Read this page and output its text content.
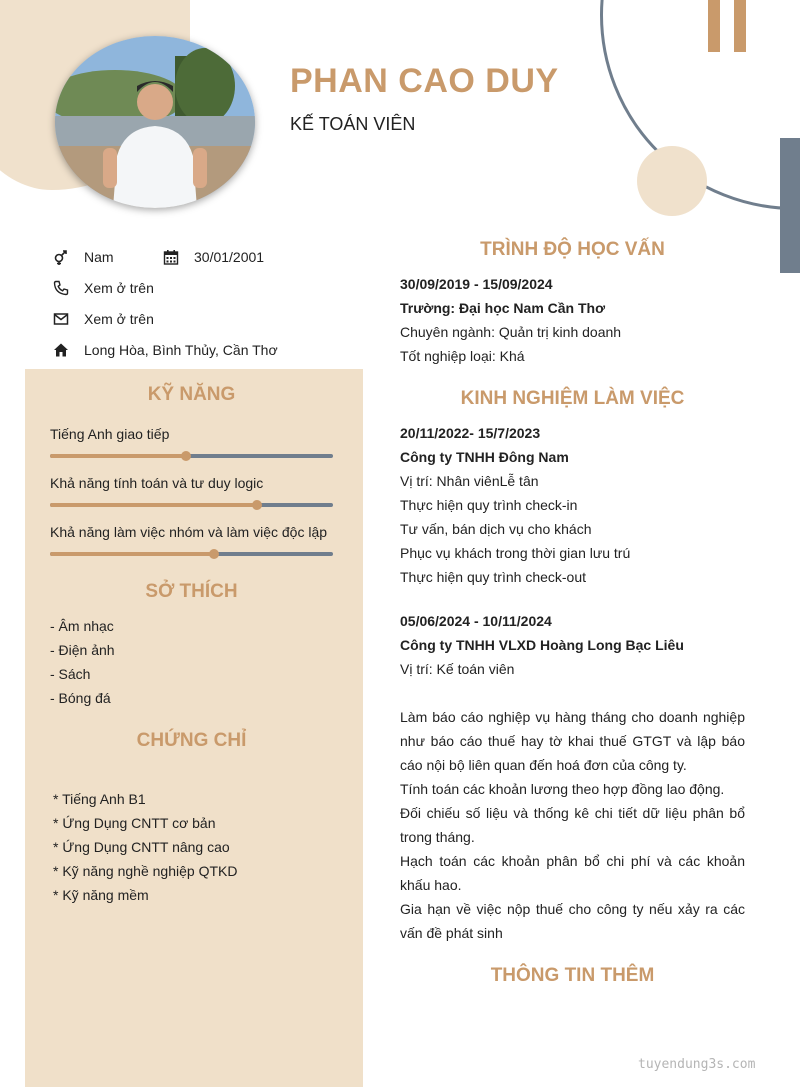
PHAN CAO DUY
KẾ TOÁN VIÊN
Nam	30/01/2001
Xem ở trên
Xem ở trên
Long Hòa, Bình Thủy, Cần Thơ
KỸ NĂNG
Tiếng Anh giao tiếp
Khả năng tính toán và tư duy logic
Khả năng làm việc nhóm và làm việc độc lập
SỞ THÍCH
- Âm nhạc
- Điện ảnh
- Sách
- Bóng đá
CHỨNG CHỈ
* Tiếng Anh B1
* Ứng Dụng CNTT cơ bản
* Ứng Dụng CNTT nâng cao
* Kỹ năng nghề nghiệp QTKD
* Kỹ năng mềm
TRÌNH ĐỘ HỌC VẤN
30/09/2019 - 15/09/2024
Trường: Đại học Nam Cần Thơ
Chuyên ngành: Quản trị kinh doanh
Tốt nghiệp loại: Khá
KINH NGHIỆM LÀM VIỆC
20/11/2022- 15/7/2023
Công ty TNHH Đông Nam
Vị trí: Nhân viênLễ tân
Thực hiện quy trình check-in
Tư vấn, bán dịch vụ cho khách
Phục vụ khách trong thời gian lưu trú
Thực hiện quy trình check-out
05/06/2024 - 10/11/2024
Công ty TNHH VLXD Hoàng Long Bạc Liêu
Vị trí: Kế toán viên
Làm báo cáo nghiệp vụ hàng tháng cho doanh nghiệp như báo cáo thuế hay tờ khai thuế GTGT và lập báo cáo nội bộ liên quan đến hoá đơn của công ty.
Tính toán các khoản lương theo hợp đồng lao động.
Đối chiếu số liệu và thống kê chi tiết dữ liệu phân bổ trong tháng.
Hạch toán các khoản phân bổ chi phí và các khoản khấu hao.
Gia hạn về việc nộp thuế cho công ty nếu xảy ra các vấn đề phát sinh
THÔNG TIN THÊM
tuyendung3s.com
